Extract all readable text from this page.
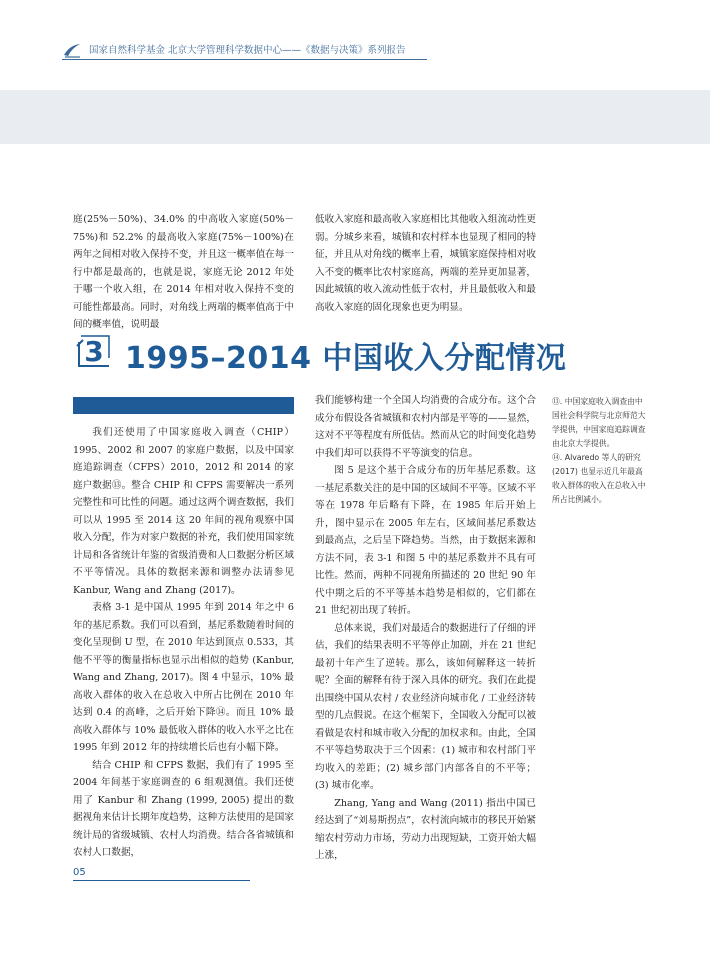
国家自然科学基金 北京大学管理科学数据中心——《数据与决策》系列报告

庭(25%－50%)、34.0% 的中高收入家庭(50%－75%)和 52.2% 的最高收入家庭(75%－100%)在两年之间相对收入保持不变，并且这一概率值在每一行中都是最高的，也就是说，家庭无论 2012 年处于哪一个收入组，在 2014 年相对收入保持不变的可能性都最高。同时，对角线上两端的概率值高于中间的概率值，说明最

低收入家庭和最高收入家庭相比其他收入组流动性更弱。分城乡来看，城镇和农村样本也显现了相同的特征，并且从对角线的概率上看，城镇家庭保持相对收入不变的概率比农村家庭高，两端的差异更加显著，因此城镇的收入流动性低于农村，并且最低收入和最高收入家庭的固化现象也更为明显。

3 1995–2014 中国收入分配情况

我们还使用了中国家庭收入调查（CHIP）1995、2002 和 2007 的家庭户数据，以及中国家庭追踪调查（CFPS）2010，2012 和 2014 的家庭户数据⑬。整合 CHIP 和 CFPS 需要解决一系列完整性和可比性的问题。通过这两个调查数据，我们可以从 1995 至 2014 这 20 年间的视角观察中国收入分配，作为对家户数据的补充，我们使用国家统计局和各省统计年鉴的省级消费和人口数据分析区域不平等情况。具体的数据来源和调整办法请参见 Kanbur, Wang and Zhang (2017)。

表格 3-1 是中国从 1995 年到 2014 年之中 6 年的基尼系数。我们可以看到，基尼系数随着时间的变化呈现倒 U 型，在 2010 年达到顶点 0.533，其他不平等的衡量指标也显示出相似的趋势 (Kanbur, Wang and Zhang, 2017)。图 4 中显示，10% 最高收入群体的收入在总收入中所占比例在 2010 年达到 0.4 的高峰，之后开始下降⑭。而且 10% 最高收入群体与 10% 最低收入群体的收入水平之比在 1995 年到 2012 年的持续增长后也有小幅下降。

结合 CHIP 和 CFPS 数据，我们有了 1995 至 2004 年间基于家庭调查的 6 组观测值。我们还使用了 Kanbur 和 Zhang (1999, 2005) 提出的数据视角来估计长期年度趋势，这种方法使用的是国家统计局的省级城镇、农村人均消费。结合各省城镇和农村人口数据，

我们能够构建一个全国人均消费的合成分布。这个合成分布假设各省城镇和农村内部是平等的——显然，这对不平等程度有所低估。然而从它的时间变化趋势中我们却可以获得不平等演变的信息。

图 5 是这个基于合成分布的历年基尼系数。这一基尼系数关注的是中国的区域间不平等。区域不平等在 1978 年后略有下降，在 1985 年后开始上升，图中显示在 2005 年左右，区域间基尼系数达到最高点，之后呈下降趋势。当然，由于数据来源和方法不同，表 3-1 和图 5 中的基尼系数并不具有可比性。然而，两种不同视角所描述的 20 世纪 90 年代中期之后的不平等基本趋势是相似的，它们都在 21 世纪初出现了转折。

总体来说，我们对最适合的数据进行了仔细的评估，我们的结果表明不平等停止加剧，并在 21 世纪最初十年产生了逆转。那么，该如何解释这一转折呢？全面的解释有待于深入具体的研究。我们在此提出围绕中国从农村 / 农业经济向城市化 / 工业经济转型的几点假说。在这个框架下，全国收入分配可以被看做是农村和城市收入分配的加权求和。由此，全国不平等趋势取决于三个因素：(1) 城市和农村部门平均收入的差距；(2) 城乡部门内部各自的不平等；(3) 城市化率。

Zhang, Yang and Wang (2011) 指出中国已经达到了“刘易斯拐点”，农村流向城市的移民开始紧缩农村劳动力市场，劳动力出现短缺，工资开始大幅上涨，

⑬. 中国家庭收入调查由中国社会科学院与北京师范大学提供，中国家庭追踪调查由北京大学提供。

⑭. Alvaredo 等人的研究 (2017) 也显示近几年最高收入群体的收入在总收入中所占比例减小。

05
